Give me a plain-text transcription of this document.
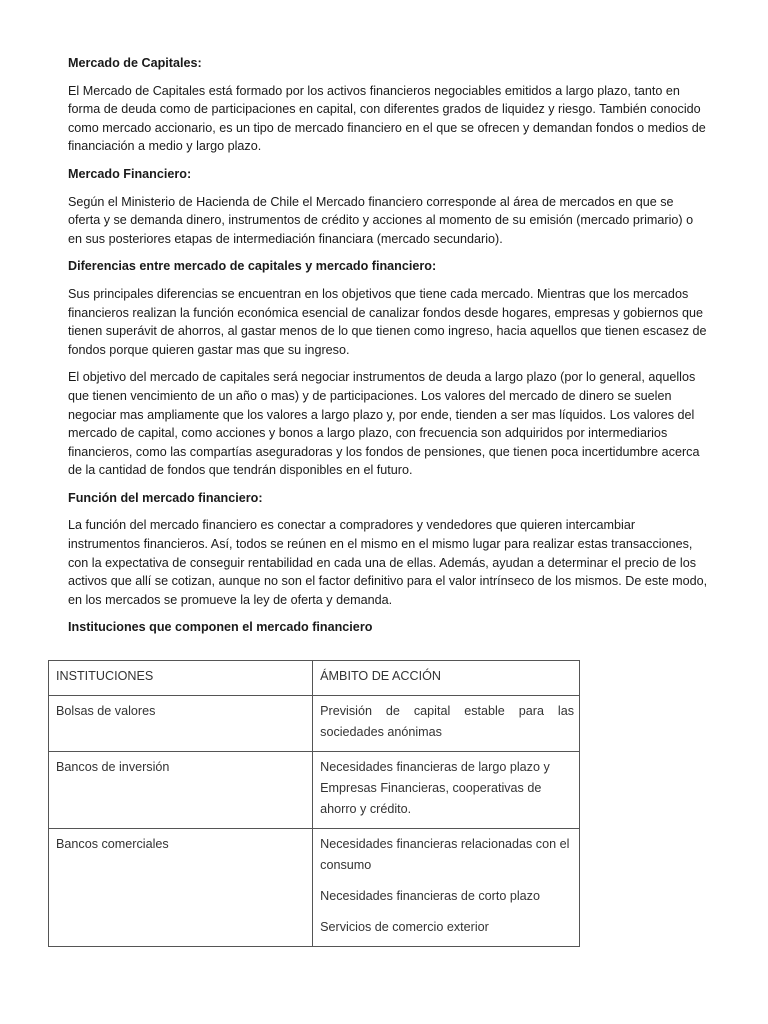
Mercado de Capitales:

El Mercado de Capitales está formado por los activos financieros negociables emitidos a largo plazo, tanto en forma de deuda como de participaciones en capital, con diferentes grados de liquidez y riesgo. También conocido como mercado accionario, es un tipo de mercado financiero en el que se ofrecen y demandan fondos o medios de financiación a medio y largo plazo.

Mercado Financiero:

Según el Ministerio de Hacienda de Chile el Mercado financiero corresponde al área de mercados en que se oferta y se demanda dinero, instrumentos de crédito y acciones al momento de su emisión (mercado primario) o en sus posteriores etapas de intermediación financiara (mercado secundario).

Diferencias entre mercado de capitales y mercado financiero:

Sus principales diferencias se encuentran en los objetivos que tiene cada mercado. Mientras que los mercados financieros realizan la función económica esencial de canalizar fondos desde hogares, empresas y gobiernos que tienen superávit de ahorros, al gastar menos de lo que tienen como ingreso, hacia aquellos que tienen escasez de fondos porque quieren gastar mas que su ingreso.

El objetivo del mercado de capitales será negociar instrumentos de deuda a largo plazo (por lo general, aquellos que tienen vencimiento de un año o mas) y de participaciones. Los valores del mercado de dinero se suelen negociar mas ampliamente que los valores a largo plazo y, por ende, tienden a ser mas líquidos. Los valores del mercado de capital, como acciones y bonos a largo plazo, con frecuencia son adquiridos por intermediarios financieros, como las compartías aseguradoras y los fondos de pensiones, que tienen poca incertidumbre acerca de la cantidad de fondos que tendrán disponibles en el futuro.

Función del mercado financiero:

La función del mercado financiero es conectar a compradores y vendedores que quieren intercambiar instrumentos financieros. Así, todos se reúnen en el mismo en el mismo lugar para realizar estas transacciones, con la expectativa de conseguir rentabilidad en cada una de ellas. Además, ayudan a determinar el precio de los activos que allí se cotizan, aunque no son el factor definitivo para el valor intrínseco de los mismos. De este modo, en los mercados se promueve la ley de oferta y demanda.

Instituciones que componen el mercado financiero

INSTITUCIONES	ÁMBITO DE ACCIÓN
Bolsas de valores	Previsión de capital estable para las sociedades anónimas

Bancos de inversión	Necesidades financieras de largo plazo y Empresas Financieras, cooperativas de ahorro y crédito.

Bancos comerciales	Necesidades financieras relacionadas con el consumo
Necesidades financieras de corto plazo
Servicios de comercio exterior
